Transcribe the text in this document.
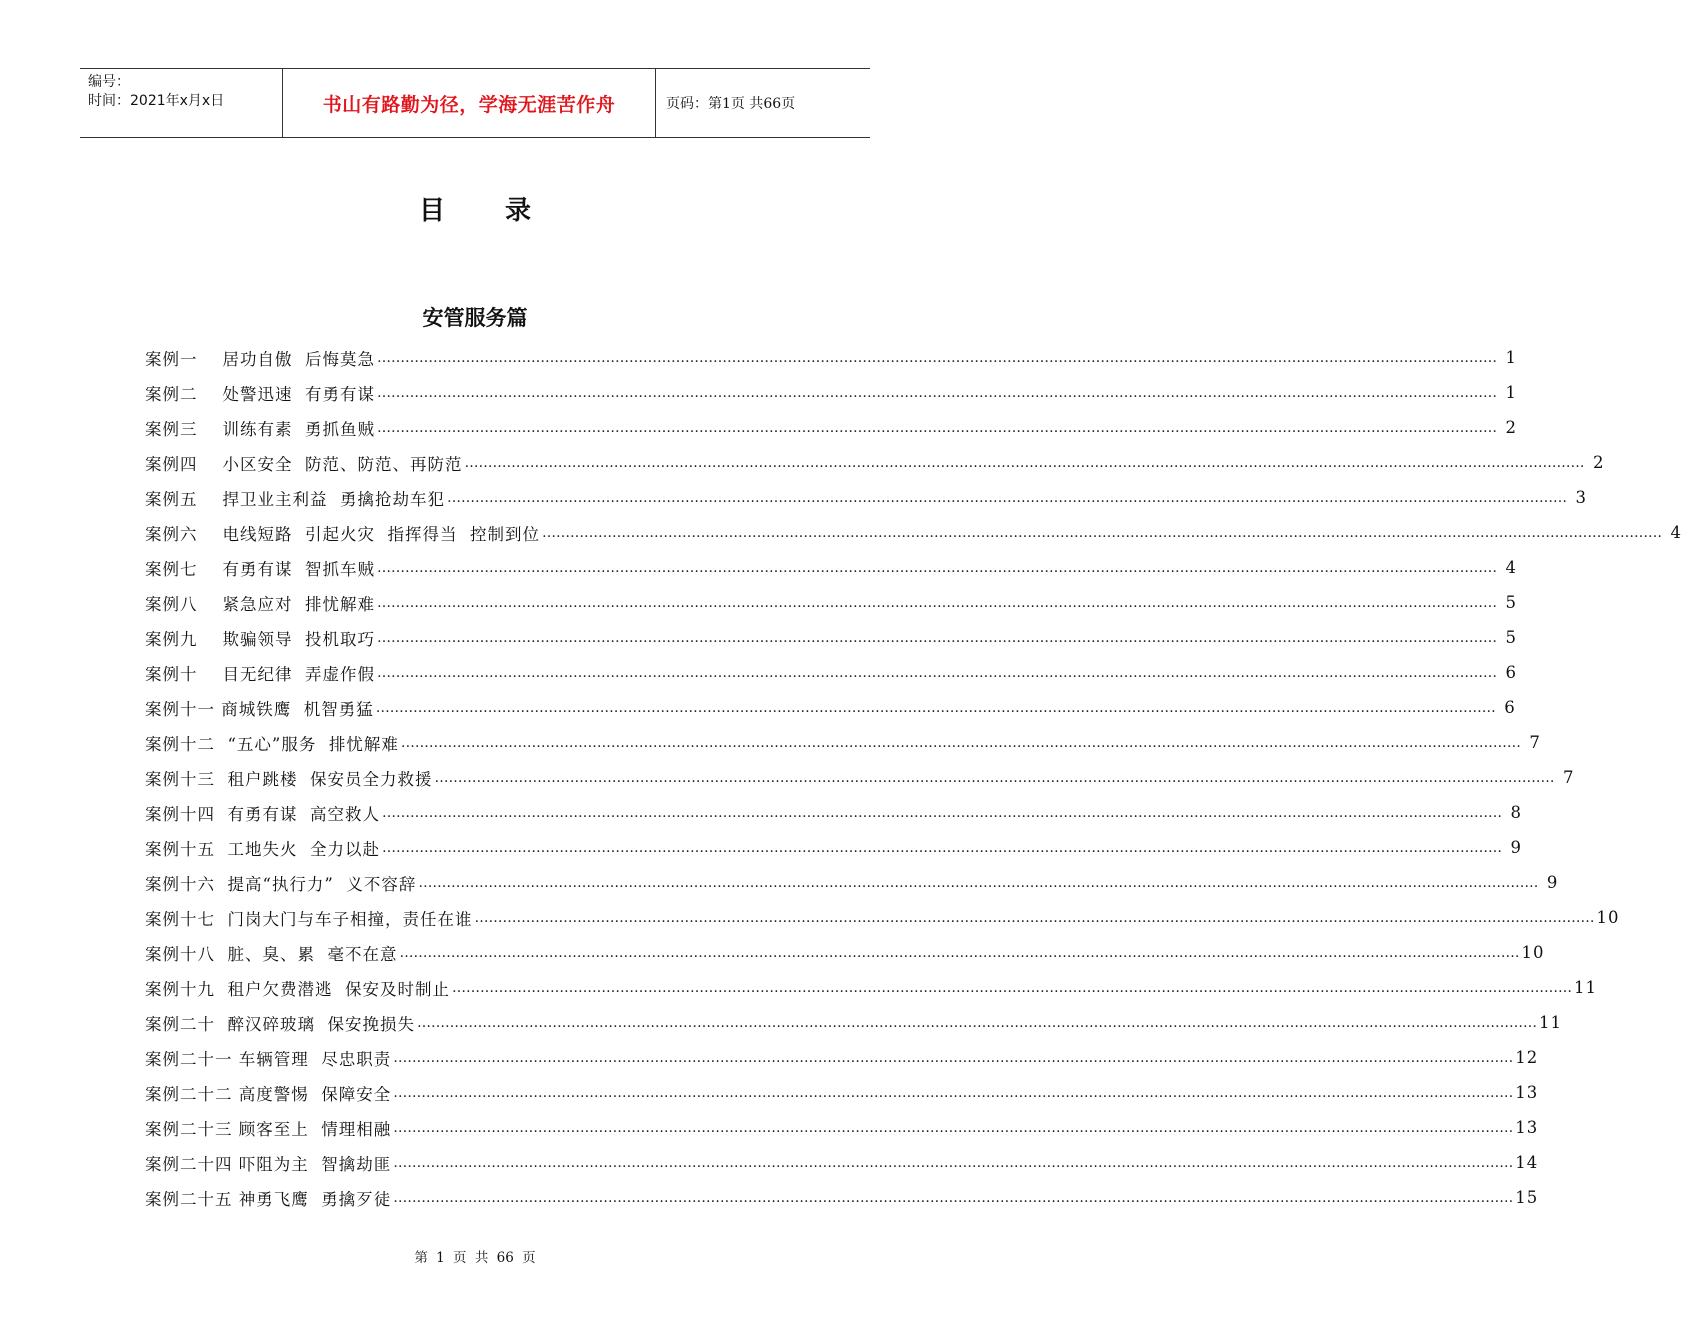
编号：
时间：2021年x月x日	书山有路勤为径，学海无涯苦作舟	页码：第1页 共66页
目 录
安管服务篇
案例一    居功自傲  后悔莫急 …………………………………………………………………………………………………………………………………………………………………………………………………………………… 1
案例二    处警迅速  有勇有谋 …………………………………………………………………………………………………………………………………………………………………………………………………………………… 1
案例三    训练有素  勇抓鱼贼 …………………………………………………………………………………………………………………………………………………………………………………………………………………… 2
案例四    小区安全  防范、防范、再防范 …………………………………………………………………………………………………………………………………………………………………………………………………………………… 2
案例五    捍卫业主利益  勇擒抢劫车犯 …………………………………………………………………………………………………………………………………………………………………………………………………………………… 3
案例六    电线短路  引起火灾  指挥得当  控制到位 …………………………………………………………………………………………………………………………………………………………………………………………………………………… 4
案例七    有勇有谋  智抓车贼 …………………………………………………………………………………………………………………………………………………………………………………………………………………… 4
案例八    紧急应对  排忧解难 …………………………………………………………………………………………………………………………………………………………………………………………………………………… 5
案例九    欺骗领导  投机取巧 …………………………………………………………………………………………………………………………………………………………………………………………………………………… 5
案例十    目无纪律  弄虚作假 …………………………………………………………………………………………………………………………………………………………………………………………………………………… 6
案例十一 商城铁鹰  机智勇猛 …………………………………………………………………………………………………………………………………………………………………………………………………………………… 6
案例十二  “五心”服务  排忧解难 …………………………………………………………………………………………………………………………………………………………………………………………………………………… 7
案例十三  租户跳楼  保安员全力救援 …………………………………………………………………………………………………………………………………………………………………………………………………………………… 7
案例十四  有勇有谋  高空救人 …………………………………………………………………………………………………………………………………………………………………………………………………………………… 8
案例十五  工地失火  全力以赴 …………………………………………………………………………………………………………………………………………………………………………………………………………………… 9
案例十六  提高“执行力”  义不容辞 …………………………………………………………………………………………………………………………………………………………………………………………………………………… 9
案例十七  门岗大门与车子相撞，责任在谁 …………………………………………………………………………………………………………………………………………………………………………………………………………………… 10
案例十八  脏、臭、累  毫不在意 …………………………………………………………………………………………………………………………………………………………………………………………………………………… 10
案例十九  租户欠费潜逃  保安及时制止 …………………………………………………………………………………………………………………………………………………………………………………………………………………… 11
案例二十  醉汉碎玻璃  保安挽损失 …………………………………………………………………………………………………………………………………………………………………………………………………………………… 11
案例二十一 车辆管理  尽忠职责 …………………………………………………………………………………………………………………………………………………………………………………………………………………… 12
案例二十二 高度警惕  保障安全 …………………………………………………………………………………………………………………………………………………………………………………………………………………… 13
案例二十三 顾客至上  情理相融 …………………………………………………………………………………………………………………………………………………………………………………………………………………… 13
案例二十四 吓阻为主  智擒劫匪 …………………………………………………………………………………………………………………………………………………………………………………………………………………… 14
案例二十五 神勇飞鹰  勇擒歹徒 …………………………………………………………………………………………………………………………………………………………………………………………………………………… 15
第 1 页 共 66 页
